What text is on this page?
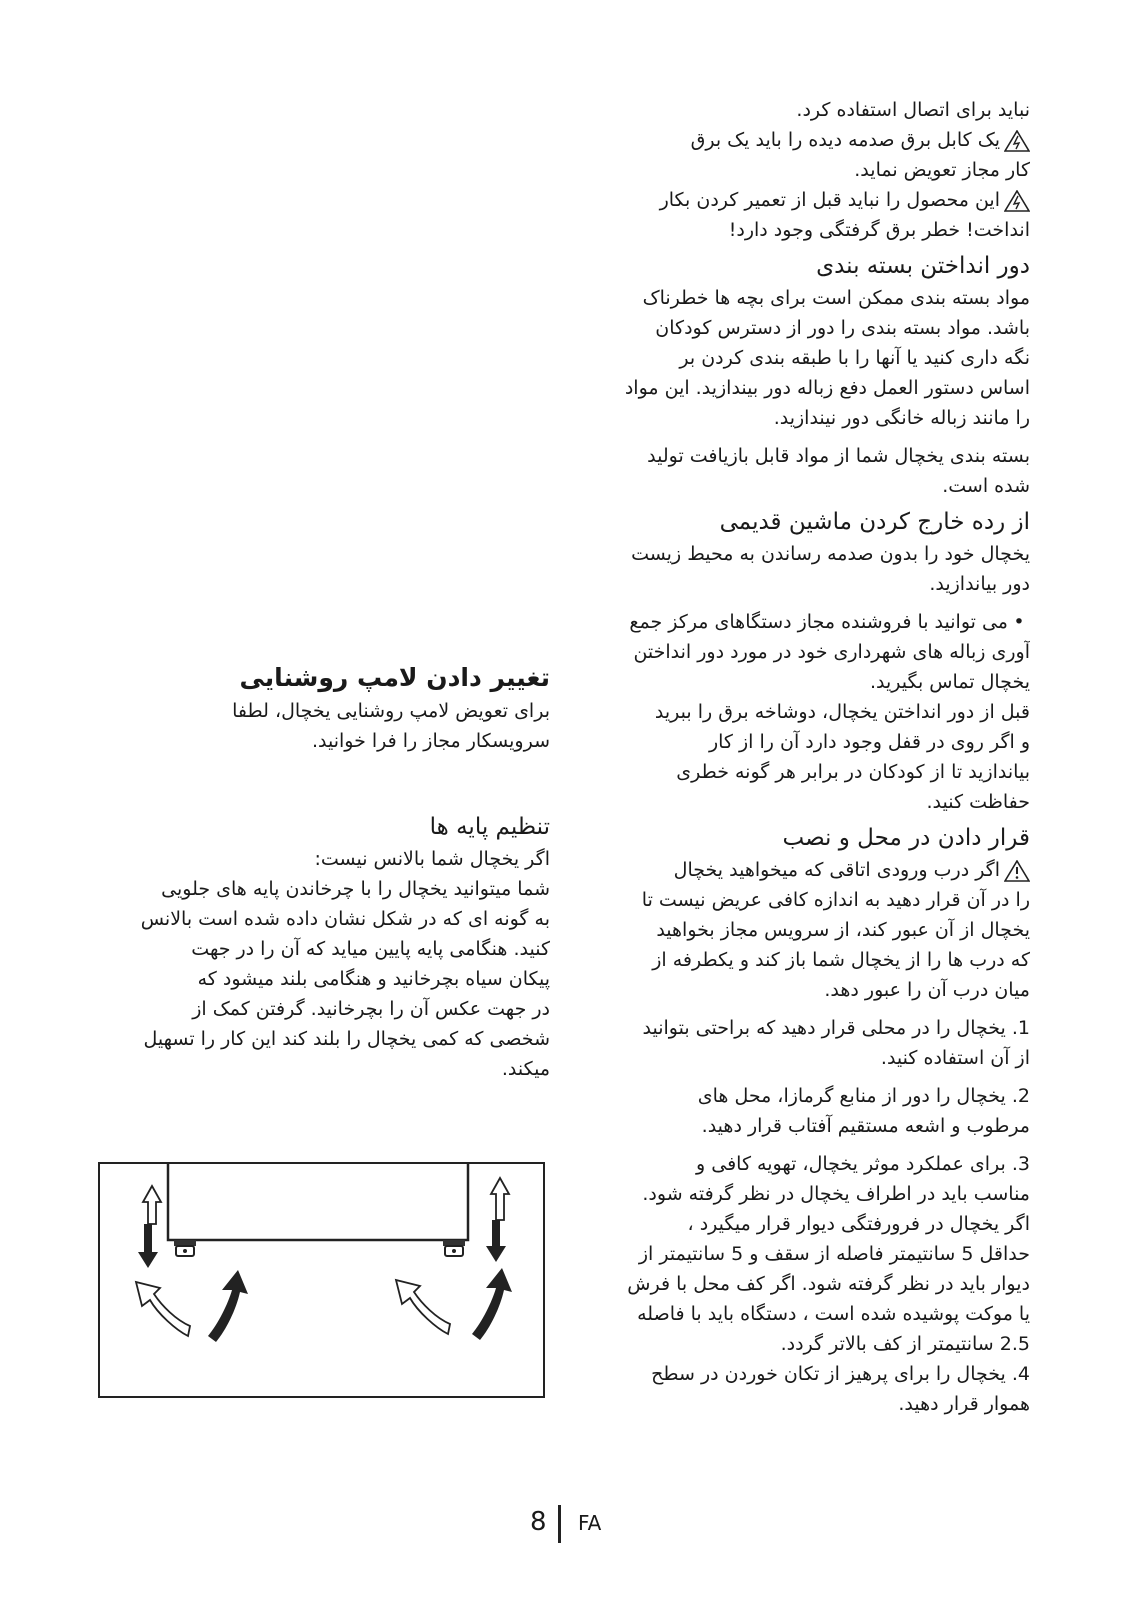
نباید برای اتصال استفاده کرد.
یک کابل برق صدمه دیده را باید یک برق
کار مجاز تعویض نماید.
این محصول را نباید قبل از تعمیر کردن بکار
انداخت! خطر برق گرفتگی وجود دارد!
دور انداختن بسته بندی
مواد بسته بندی ممکن است برای بچه ها خطرناک
باشد. مواد بسته بندی را دور از دسترس کودکان
نگه داری کنید یا آنها را با طبقه بندی کردن بر
اساس دستور العمل دفع زباله دور بیندازید. این مواد
را مانند زباله خانگی دور نیندازید.
بسته بندی یخچال شما از مواد قابل بازیافت تولید
شده است.
از رده خارج کردن ماشین قدیمی
یخچال خود را بدون صدمه رساندن به محیط زیست
دور بیاندازید.
•می توانید با فروشنده مجاز دستگاهای مرکز جمع
آوری زباله های شهرداری خود در مورد دور انداختن
یخچال تماس بگیرید.
قبل از دور انداختن یخچال، دوشاخه برق را ببرید
و اگر روی در قفل وجود دارد آن را از کار
بیاندازید تا از کودکان در برابر هر گونه خطری
حفاظت کنید.
قرار دادن در محل و نصب
اگر درب ورودی اتاقی که میخواهید یخچال
را در آن قرار دهید به اندازه کافی عریض نیست تا
یخچال از آن عبور کند، از سرویس مجاز بخواهید
که درب ها را از یخچال شما باز کند و یکطرفه از
میان درب آن را عبور دهد.
1. یخچال را در محلی قرار دهید که براحتی بتوانید
از آن استفاده کنید.
2. یخچال را دور از منابع گرمازا، محل های
مرطوب و اشعه مستقیم آفتاب قرار دهید.
3. برای عملکرد موثر یخچال، تهویه کافی و
مناسب باید در اطراف یخچال در نظر گرفته شود.
اگر یخچال در فرورفتگی دیوار قرار میگیرد ،
حداقل 5 سانتیمتر فاصله از سقف و 5 سانتیمتر از
دیوار باید در نظر گرفته شود. اگر کف محل با فرش
یا موکت پوشیده شده است ، دستگاه باید با فاصله
2.5 سانتیمتر از کف بالاتر گردد.
4. یخچال را برای پرهیز از تکان خوردن در سطح
هموار قرار دهید.
تغییر دادن لامپ روشنایی
برای تعویض لامپ روشنایی یخچال، لطفا
سرویسکار مجاز را فرا خوانید.
تنظیم پایه ها
اگر یخچال شما بالانس نیست:
شما میتوانید یخچال را با چرخاندن پایه های جلویی
به گونه ای که در شکل نشان داده شده است بالانس
کنید. هنگامی پایه پایین میاید که آن را در جهت
پیکان سیاه بچرخانید و هنگامی بلند میشود که
در جهت عکس آن را بچرخانید. گرفتن کمک از
شخصی که کمی یخچال را بلند کند این کار را تسهیل
میکند.
8 FA
